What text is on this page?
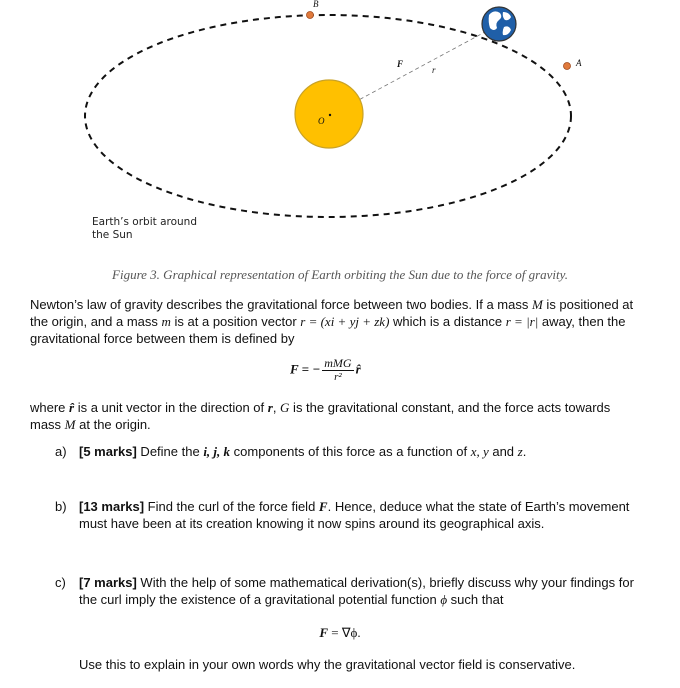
B
A
O
F
r
Earth’s orbit around
the Sun
Figure 3. Graphical representation of Earth orbiting the Sun due to the force of gravity.
Newton’s law of gravity describes the gravitational force between two bodies. If a mass M is positioned at the origin, and a mass m is at a position vector r = (xi + yj + zk) which is a distance r = |r| away, then the gravitational force between them is defined by
F = − $\frac{\text{mMG}}{\text{r²}}$ r̂
where r̂ is a unit vector in the direction of r, G is the gravitational constant, and the force acts towards mass M at the origin.
a) [5 marks] Define the i, j, k components of this force as a function of x, y and z.
b) [13 marks] Find the curl of the force field F. Hence, deduce what the state of Earth’s movement must have been at its creation knowing it now spins around its geographical axis.
c) [7 marks] With the help of some mathematical derivation(s), briefly discuss why your findings for the curl imply the existence of a gravitational potential function ϕ such that
F = ∇ϕ.
Use this to explain in your own words why the gravitational vector field is conservative.
